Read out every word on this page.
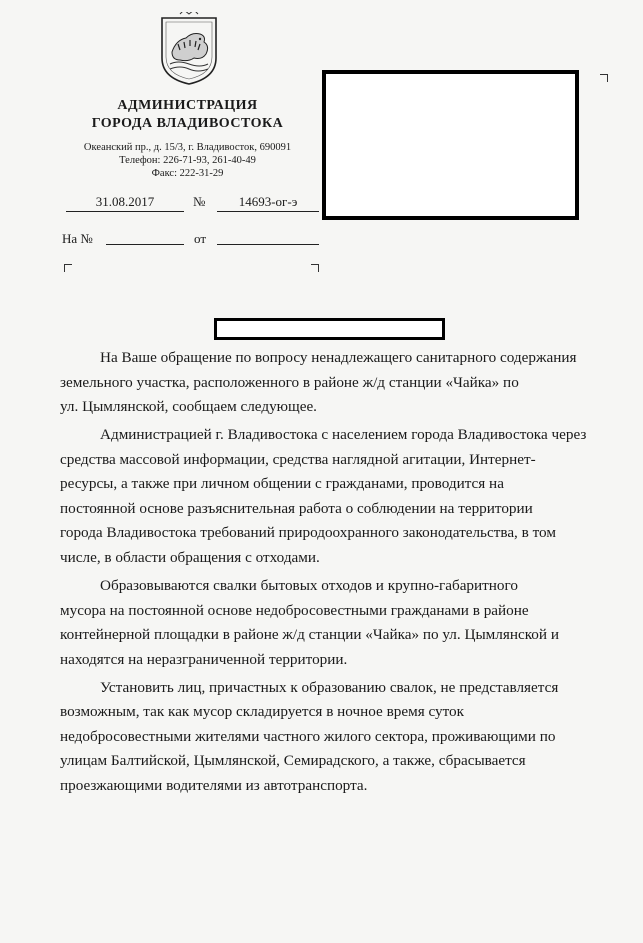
АДМИНИСТРАЦИЯ
ГОРОДА ВЛАДИВОСТОКА
Океанский пр., д. 15/3, г. Владивосток, 690091
Телефон: 226-71-93, 261-40-49
Факс: 222-31-29
31.08.2017	№	14693-ог-э
На №	от

На Ваше обращение по вопросу ненадлежащего санитарного содержания
земельного участка, расположенного в районе ж/д станции «Чайка» по
ул. Цымлянской, сообщаем следующее.

Администрацией г. Владивостока с населением города Владивостока через
средства массовой информации, средства наглядной агитации, Интернет-
ресурсы, а также при личном общении с гражданами, проводится на
постоянной основе разъяснительная работа о соблюдении на территории
города Владивостока требований природоохранного законодательства, в том
числе, в области обращения с отходами.

Образовываются свалки бытовых отходов и крупно-габаритного
мусора на постоянной основе недобросовестными гражданами в районе
контейнерной площадки в районе ж/д станции «Чайка» по ул. Цымлянской и
находятся на неразграниченной территории.

Установить лиц, причастных к образованию свалок, не представляется
возможным, так как мусор складируется в ночное время суток
недобросовестными жителями частного жилого сектора, проживающими по
улицам Балтийской, Цымлянской, Семирадского, а также, сбрасывается
проезжающими водителями из автотранспорта.
